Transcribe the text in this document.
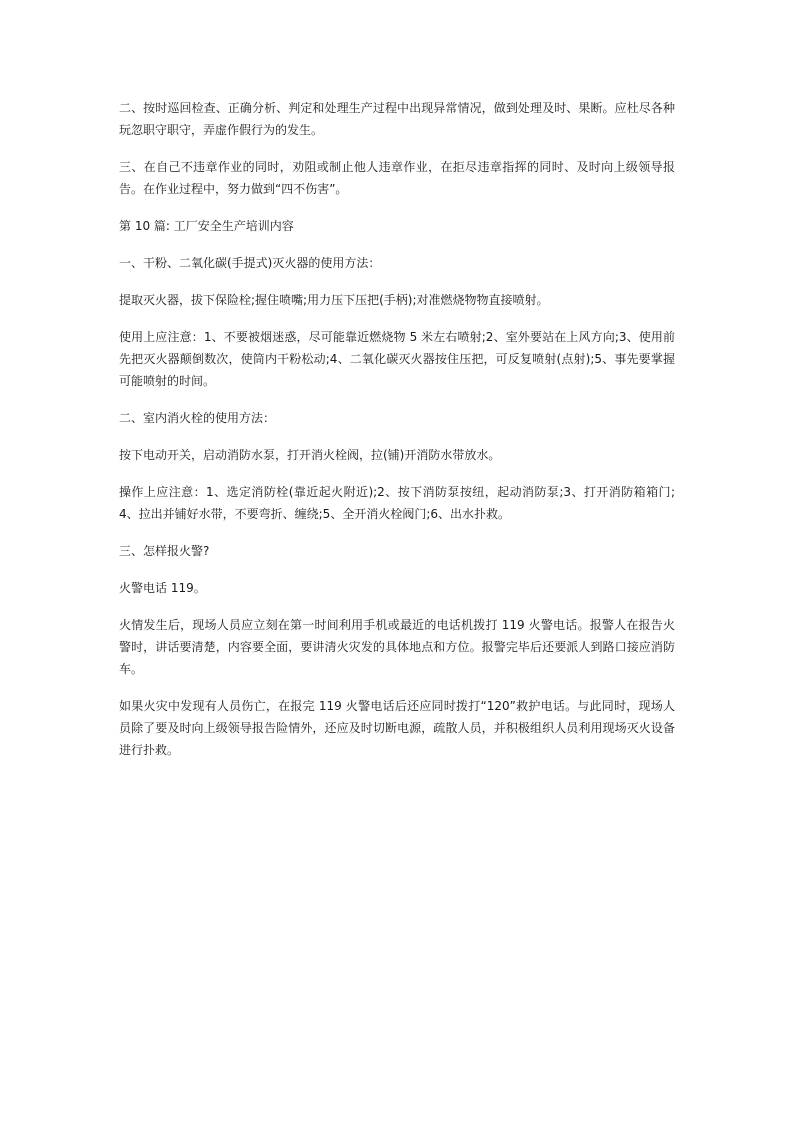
二、按时巡回检查、正确分析、判定和处理生产过程中出现异常情况，做到处理及时、果断。应杜尽各种玩忽职守职守，弄虚作假行为的发生。

三、在自己不违章作业的同时，劝阻或制止他人违章作业，在拒尽违章指挥的同时、及时向上级领导报告。在作业过程中，努力做到“四不伤害”。

第 10 篇: 工厂安全生产培训内容

一、干粉、二氧化碳(手提式)灭火器的使用方法：

提取灭火器，拔下保险栓;握住喷嘴;用力压下压把(手柄);对准燃烧物物直接喷射。

使用上应注意：1、不要被烟迷惑，尽可能靠近燃烧物 5 米左右喷射;2、室外要站在上风方向;3、使用前先把灭火器颠倒数次，使筒内干粉松动;4、二氧化碳灭火器按住压把，可反复喷射(点射);5、事先要掌握可能喷射的时间。

二、室内消火栓的使用方法：

按下电动开关，启动消防水泵，打开消火栓阀，拉(铺)开消防水带放水。

操作上应注意：1、选定消防栓(靠近起火附近);2、按下消防泵按纽，起动消防泵;3、打开消防箱箱门;4、拉出并铺好水带，不要弯折、缠绕;5、全开消火栓阀门;6、出水扑救。

三、怎样报火警?

火警电话 119。

火情发生后，现场人员应立刻在第一时间利用手机或最近的电话机拨打 119 火警电话。报警人在报告火警时，讲话要清楚，内容要全面，要讲清火灾发的具体地点和方位。报警完毕后还要派人到路口接应消防车。

如果火灾中发现有人员伤亡，在报完 119 火警电话后还应同时拨打“120”救护电话。与此同时，现场人员除了要及时向上级领导报告险情外，还应及时切断电源，疏散人员，并积极组织人员利用现场灭火设备进行扑救。
